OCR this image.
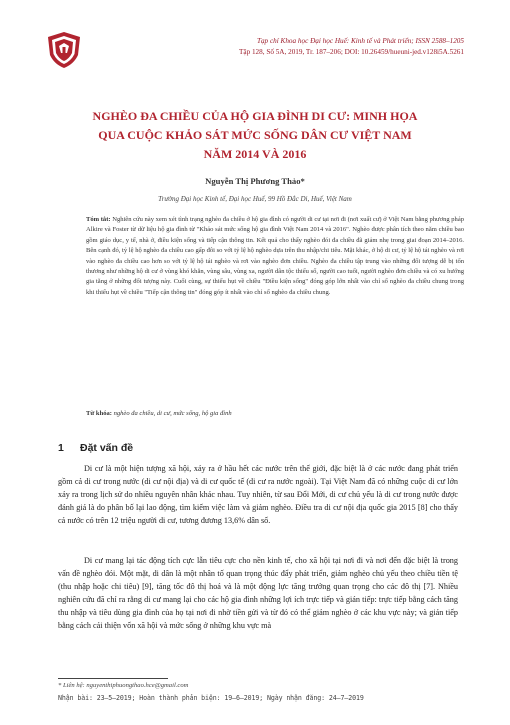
Tạp chí Khoa học Đại học Huế: Kinh tế và Phát triển; ISSN 2588–1205
Tập 128, Số 5A, 2019, Tr. 187–206; DOI: 10.26459/hueuni-jed.v128i5A.5261
NGHÈO ĐA CHIỀU CỦA HỘ GIA ĐÌNH DI CƯ: MINH HỌA
QUA CUỘC KHẢO SÁT MỨC SỐNG DÂN CƯ VIỆT NAM
NĂM 2014 VÀ 2016
Nguyễn Thị Phương Thảo*
Trường Đại học Kinh tế, Đại học Huế, 99 Hồ Đắc Di, Huế, Việt Nam
Tóm tắt: Nghiên cứu này xem xét tình trạng nghèo đa chiều ở hộ gia đình có người di cư tại nơi đi (nơi xuất cư) ở Việt Nam bằng phương pháp Alkire và Foster từ dữ liệu hộ gia đình từ "Khảo sát mức sống hộ gia đình Việt Nam 2014 và 2016". Nghèo được phân tích theo năm chiều bao gồm giáo dục, y tế, nhà ở, điều kiện sống và tiếp cận thông tin. Kết quả cho thấy nghèo đói đa chiều đã giảm nhẹ trong giai đoạn 2014–2016. Bên cạnh đó, tỷ lệ hộ nghèo đa chiều cao gấp đôi so với tỷ lệ hộ nghèo dựa trên thu nhập/chi tiêu. Mặt khác, ở hộ di cư, tỷ lệ hộ tái nghèo và rơi vào nghèo đa chiều cao hơn so với tỷ lệ hộ tái nghèo và rơi vào nghèo đơn chiều. Nghèo đa chiều tập trung vào những đối tượng dễ bị tổn thương như những hộ di cư ở vùng khó khăn, vùng sâu, vùng xa, người dân tộc thiểu số, người cao tuổi, người nghèo đơn chiều và có xu hướng gia tăng ở những đối tượng này. Cuối cùng, sự thiếu hụt về chiều "Điều kiện sống" đóng góp lớn nhất vào chỉ số nghèo đa chiều chung trong khi thiếu hụt về chiều "Tiếp cận thông tin" đóng góp ít nhất vào chỉ số nghèo đa chiều chung.
Từ khóa: nghèo đa chiều, di cư, mức sống, hộ gia đình
1 Đặt vấn đề

Di cư là một hiện tượng xã hội, xảy ra ở hầu hết các nước trên thế giới, đặc biệt là ở các nước đang phát triển gồm cả di cư trong nước (di cư nội địa) và di cư quốc tế (di cư ra nước ngoài). Tại Việt Nam đã có những cuộc di cư lớn xảy ra trong lịch sử do nhiều nguyên nhân khác nhau. Tuy nhiên, từ sau Đổi Mới, di cư chủ yếu là di cư trong nước được đánh giá là do phân bố lại lao động, tìm kiếm việc làm và giảm nghèo. Điều tra di cư nội địa quốc gia 2015 [8] cho thấy cả nước có trên 12 triệu người di cư, tương đương 13,6% dân số.

Di cư mang lại tác động tích cực lẫn tiêu cực cho nền kinh tế, cho xã hội tại nơi đi và nơi đến đặc biệt là trong vấn đề nghèo đói. Một mặt, di dân là một nhân tố quan trọng thúc đẩy phát triển, giảm nghèo chủ yếu theo chiều tiền tệ (thu nhập hoặc chi tiêu) [9], tăng tốc đô thị hoá và là một động lực tăng trưởng quan trọng cho các đô thị [7]. Nhiều nghiên cứu đã chỉ ra rằng di cư mang lại cho các hộ gia đình những lợi ích trực tiếp và gián tiếp: trực tiếp bằng cách tăng thu nhập và tiêu dùng gia đình của họ tại nơi đi nhờ tiền gửi và từ đó có thể giảm nghèo ở các khu vực này; và gián tiếp bằng cách cải thiện vốn xã hội và mức sống ở những khu vực mà

* Liên hệ: nguyenthiphuongthao.hce@gmail.com
Nhận bài: 23–5–2019; Hoàn thành phản biện: 19–6–2019; Ngày nhận đăng: 24–7–2019
